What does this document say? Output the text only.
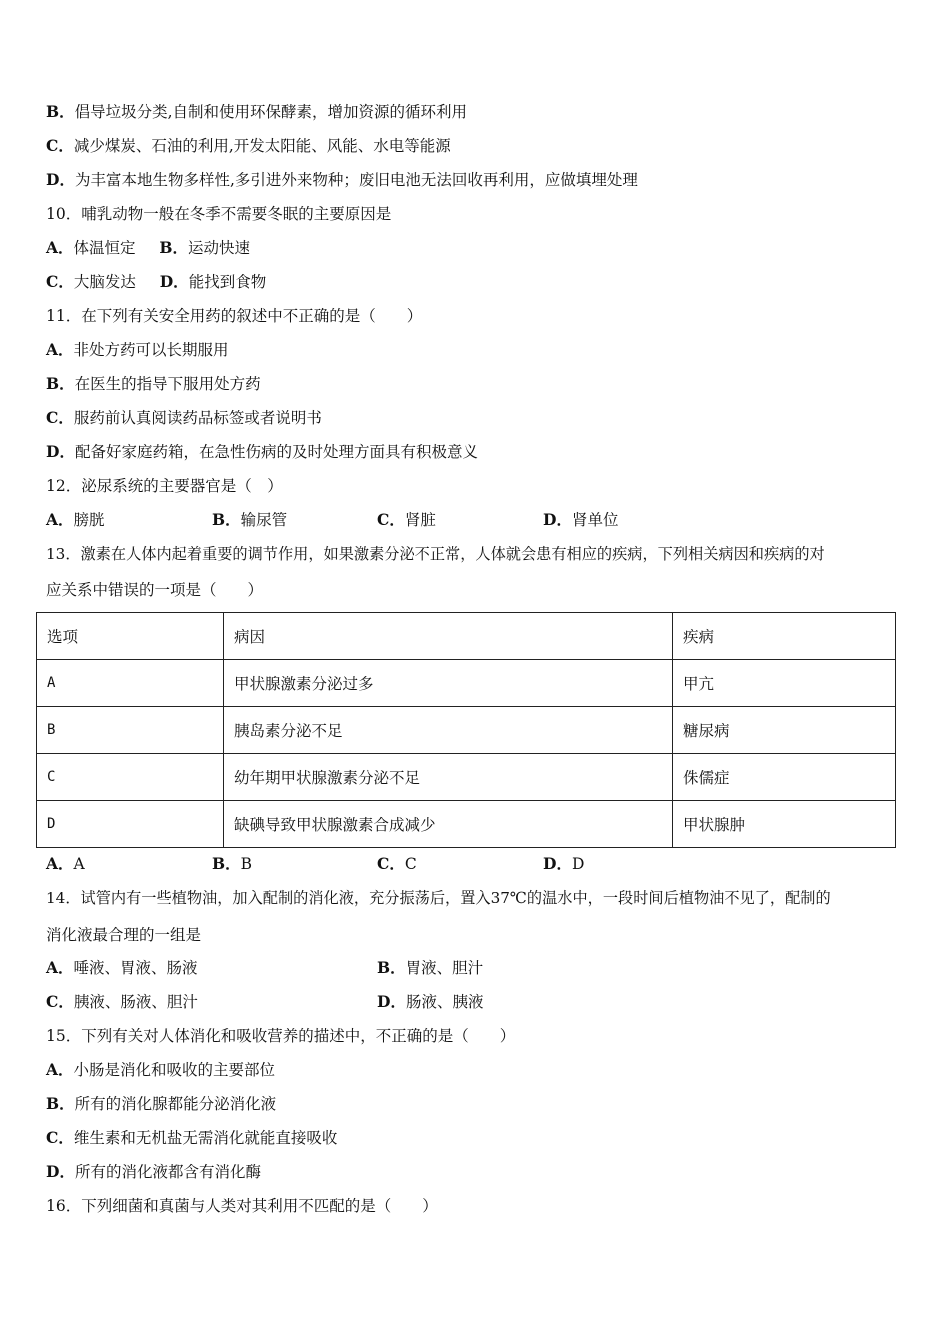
B．倡导垃圾分类,自制和使用环保酵素，增加资源的循环利用
C．减少煤炭、石油的利用,开发太阳能、风能、水电等能源
D．为丰富本地生物多样性,多引进外来物种；废旧电池无法回收再利用，应做填埋处理
10．哺乳动物一般在冬季不需要冬眠的主要原因是
A．体温恒定 B．运动快速
C．大脑发达 D．能找到食物
11．在下列有关安全用药的叙述中不正确的是（　　）
A．非处方药可以长期服用
B．在医生的指导下服用处方药
C．服药前认真阅读药品标签或者说明书
D．配备好家庭药箱，在急性伤病的及时处理方面具有积极意义
12．泌尿系统的主要器官是（　）
A．膀胱	B．输尿管	C．肾脏	D．肾单位
13．激素在人体内起着重要的调节作用，如果激素分泌不正常，人体就会患有相应的疾病，下列相关病因和疾病的对
应关系中错误的一项是（　　）
选项	病因	疾病
A	甲状腺激素分泌过多	甲亢
B	胰岛素分泌不足	糖尿病
C	幼年期甲状腺激素分泌不足	侏儒症
D	缺碘导致甲状腺激素合成减少	甲状腺肿
A．A	B．B	C．C	D．D
14．试管内有一些植物油，加入配制的消化液，充分振荡后，置入37℃的温水中，一段时间后植物油不见了，配制的
消化液最合理的一组是
A．唾液、胃液、肠液	B．胃液、胆汁
C．胰液、肠液、胆汁	D．肠液、胰液
15．下列有关对人体消化和吸收营养的描述中，不正确的是（　　）
A．小肠是消化和吸收的主要部位
B．所有的消化腺都能分泌消化液
C．维生素和无机盐无需消化就能直接吸收
D．所有的消化液都含有消化酶
16．下列细菌和真菌与人类对其利用不匹配的是（　　）
